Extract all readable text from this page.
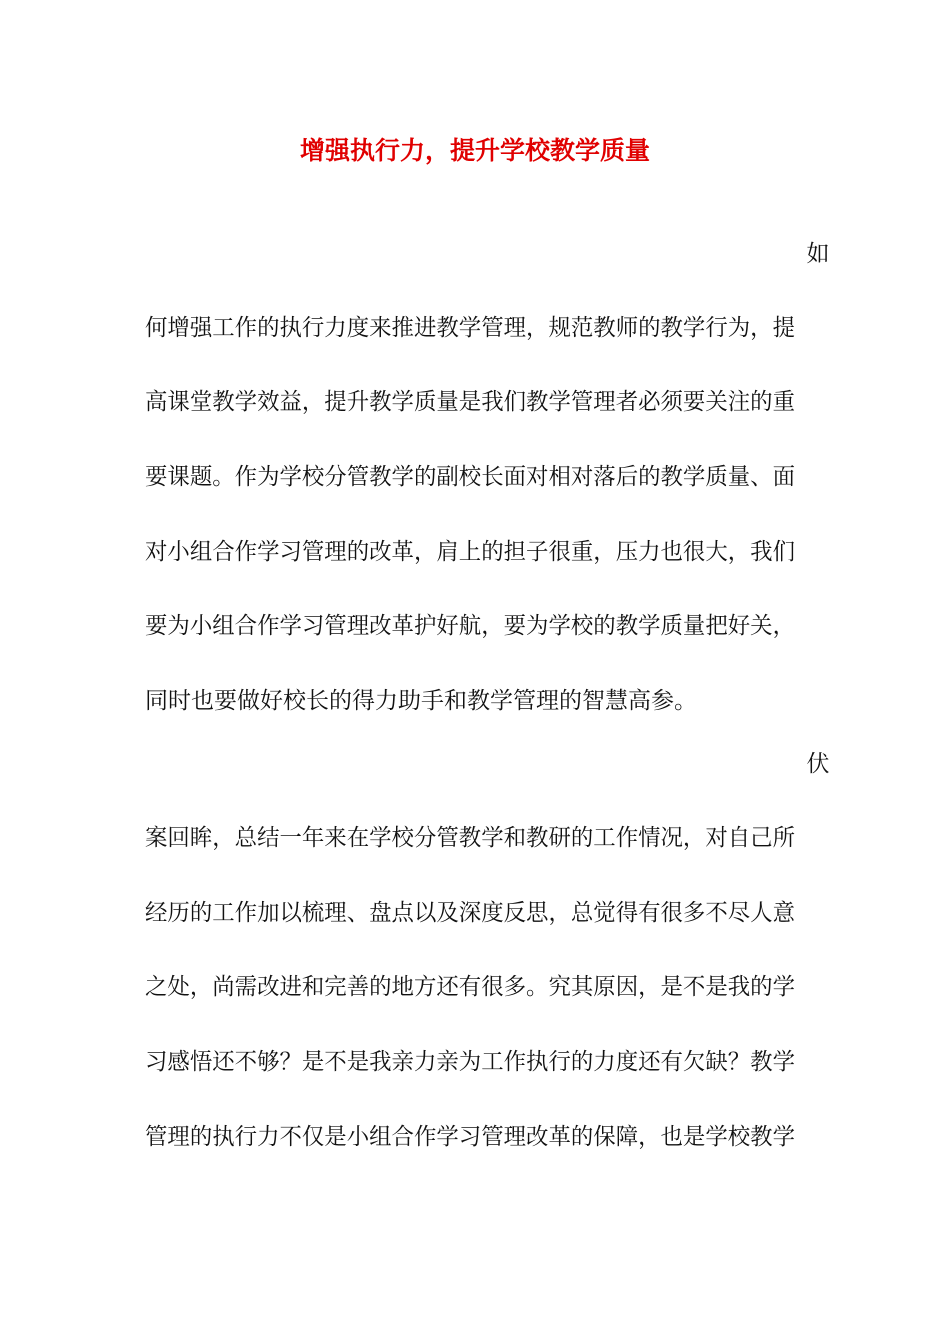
增强执行力，提升学校教学质量
如
何增强工作的执行力度来推进教学管理，规范教师的教学行为，提
高课堂教学效益，提升教学质量是我们教学管理者必须要关注的重
要课题。作为学校分管教学的副校长面对相对落后的教学质量、面
对小组合作学习管理的改革，肩上的担子很重，压力也很大，我们
要为小组合作学习管理改革护好航，要为学校的教学质量把好关，
同时也要做好校长的得力助手和教学管理的智慧高参。
伏
案回眸，总结一年来在学校分管教学和教研的工作情况，对自己所
经历的工作加以梳理、盘点以及深度反思，总觉得有很多不尽人意
之处，尚需改进和完善的地方还有很多。究其原因，是不是我的学
习感悟还不够？是不是我亲力亲为工作执行的力度还有欠缺？教学
管理的执行力不仅是小组合作学习管理改革的保障，也是学校教学
